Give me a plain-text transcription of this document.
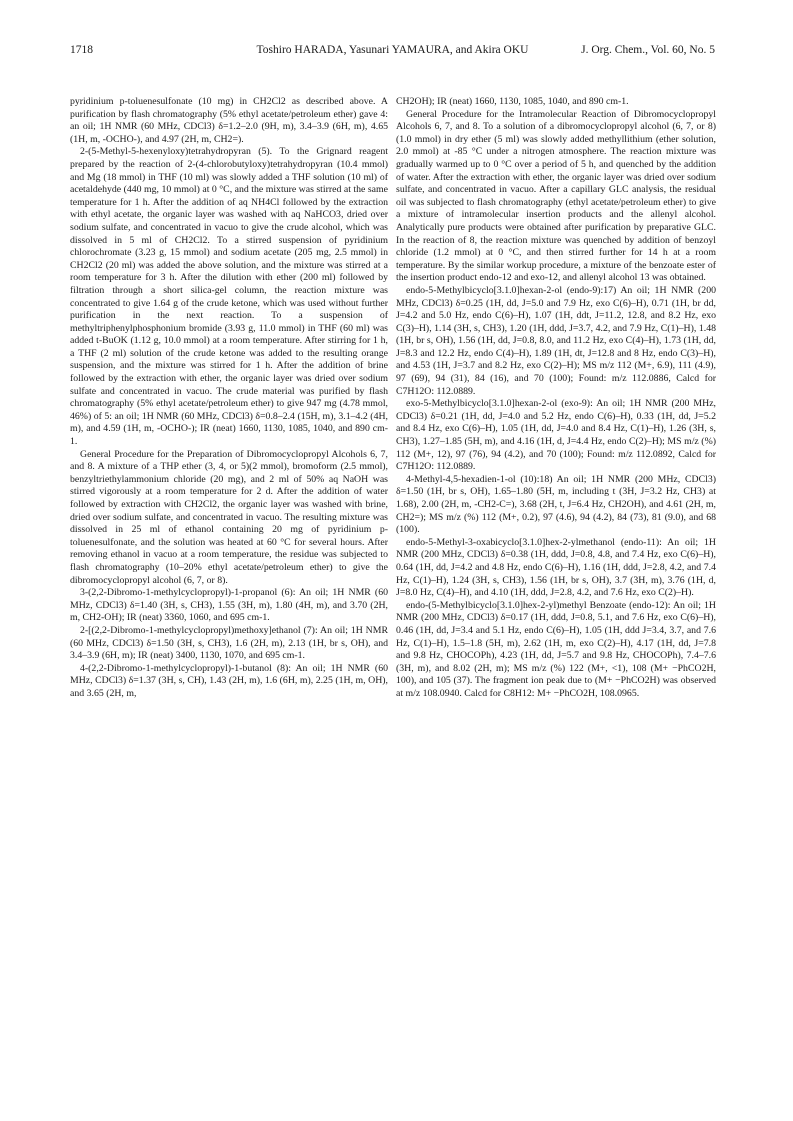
1718	Toshiro HARADA, Yasunari YAMAURA, and Akira OKU	J. Org. Chem., Vol. 60, No. 5

pyridinium p-toluenesulfonate (10 mg) in CH2Cl2 as described above. A purification by flash chromatography (5% ethyl acetate/petroleum ether) gave 4: an oil; 1H NMR (60 MHz, CDCl3) δ=1.2–2.0 (9H, m), 3.4–3.9 (6H, m), 4.65 (1H, m, -OCHO-), and 4.97 (2H, m, CH2=).

2-(5-Methyl-5-hexenyloxy)tetrahydropyran (5). To the Grignard reagent prepared by the reaction of 2-(4-chlorobutyloxy)tetrahydropyran (10.4 mmol) and Mg (18 mmol) in THF (10 ml) was slowly added a THF solution (10 ml) of acetaldehyde (440 mg, 10 mmol) at 0 °C, and the mixture was stirred at the same temperature for 1 h. After the addition of aq NH4Cl followed by the extraction with ethyl acetate, the organic layer was washed with aq NaHCO3, dried over sodium sulfate, and concentrated in vacuo to give the crude alcohol, which was dissolved in 5 ml of CH2Cl2. To a stirred suspension of pyridinium chlorochromate (3.23 g, 15 mmol) and sodium acetate (205 mg, 2.5 mmol) in CH2Cl2 (20 ml) was added the above solution, and the mixture was stirred at a room temperature for 3 h. After the dilution with ether (200 ml) followed by filtration through a short silica-gel column, the reaction mixture was concentrated to give 1.64 g of the crude ketone, which was used without further purification in the next reaction. To a suspension of methyltriphenylphosphonium bromide (3.93 g, 11.0 mmol) in THF (60 ml) was added t-BuOK (1.12 g, 10.0 mmol) at a room temperature. After stirring for 1 h, a THF (2 ml) solution of the crude ketone was added to the resulting orange suspension, and the mixture was stirred for 1 h. After the addition of brine followed by the extraction with ether, the organic layer was dried over sodium sulfate and concentrated in vacuo. The crude material was purified by flash chromatography (5% ethyl acetate/petroleum ether) to give 947 mg (4.78 mmol, 46%) of 5: an oil; 1H NMR (60 MHz, CDCl3) δ=0.8–2.4 (15H, m), 3.1–4.2 (4H, m), and 4.59 (1H, m, -OCHO-); IR (neat) 1660, 1130, 1085, 1040, and 890 cm-1.

General Procedure for the Preparation of Dibromocyclopropyl Alcohols 6, 7, and 8. A mixture of a THP ether (3, 4, or 5)(2 mmol), bromoform (2.5 mmol), benzyltriethylammonium chloride (20 mg), and 2 ml of 50% aq NaOH was stirred vigorously at a room temperature for 2 d. After the addition of water followed by extraction with CH2Cl2, the organic layer was washed with brine, dried over sodium sulfate, and concentrated in vacuo. The resulting mixture was dissolved in 25 ml of ethanol containing 20 mg of pyridinium p-toluenesulfonate, and the solution was heated at 60 °C for several hours. After removing ethanol in vacuo at a room temperature, the residue was subjected to flash chromatography (10–20% ethyl acetate/petroleum ether) to give the dibromocyclopropyl alcohol (6, 7, or 8).

3-(2,2-Dibromo-1-methylcyclopropyl)-1-propanol (6): An oil; 1H NMR (60 MHz, CDCl3) δ=1.40 (3H, s, CH3), 1.55 (3H, m), 1.80 (4H, m), and 3.70 (2H, m, CH2-OH); IR (neat) 3360, 1060, and 695 cm-1.

2-[(2,2-Dibromo-1-methylcyclopropyl)methoxy]ethanol (7): An oil; 1H NMR (60 MHz, CDCl3) δ=1.50 (3H, s, CH3), 1.6 (2H, m), 2.13 (1H, br s, OH), and 3.4–3.9 (6H, m); IR (neat) 3400, 1130, 1070, and 695 cm-1.

4-(2,2-Dibromo-1-methylcyclopropyl)-1-butanol (8): An oil; 1H NMR (60 MHz, CDCl3) δ=1.37 (3H, s, CH), 1.43 (2H, m), 1.6 (6H, m), 2.25 (1H, m, OH), and 3.65 (2H, m,

CH2OH); IR (neat) 1660, 1130, 1085, 1040, and 890 cm-1.

General Procedure for the Intramolecular Reaction of Dibromocyclopropyl Alcohols 6, 7, and 8. To a solution of a dibromocyclopropyl alcohol (6, 7, or 8)(1.0 mmol) in dry ether (5 ml) was slowly added methyllithium (ether solution, 2.0 mmol) at -85 °C under a nitrogen atmosphere. The reaction mixture was gradually warmed up to 0 °C over a period of 5 h, and quenched by the addition of water. After the extraction with ether, the organic layer was dried over sodium sulfate, and concentrated in vacuo. After a capillary GLC analysis, the residual oil was subjected to flash chromatography (ethyl acetate/petroleum ether) to give a mixture of intramolecular insertion products and the allenyl alcohol. Analytically pure products were obtained after purification by preparative GLC. In the reaction of 8, the reaction mixture was quenched by addition of benzoyl chloride (1.2 mmol) at 0 °C, and then stirred further for 14 h at a room temperature. By the similar workup procedure, a mixture of the benzoate ester of the insertion product endo-12 and exo-12, and allenyl alcohol 13 was obtained.

endo-5-Methylbicyclo[3.1.0]hexan-2-ol (endo-9):17) An oil; 1H NMR (200 MHz, CDCl3) δ=0.25 (1H, dd, J=5.0 and 7.9 Hz, exo C(6)–H), 0.71 (1H, br dd, J=4.2 and 5.0 Hz, endo C(6)–H), 1.07 (1H, ddt, J=11.2, 12.8, and 8.2 Hz, exo C(3)–H), 1.14 (3H, s, CH3), 1.20 (1H, ddd, J=3.7, 4.2, and 7.9 Hz, C(1)–H), 1.48 (1H, br s, OH), 1.56 (1H, dd, J=0.8, 8.0, and 11.2 Hz, exo C(4)–H), 1.73 (1H, dd, J=8.3 and 12.2 Hz, endo C(4)–H), 1.89 (1H, dt, J=12.8 and 8 Hz, endo C(3)–H), and 4.53 (1H, J=3.7 and 8.2 Hz, exo C(2)–H); MS m/z 112 (M+, 6.9), 111 (4.9), 97 (69), 94 (31), 84 (16), and 70 (100); Found: m/z 112.0886, Calcd for C7H12O: 112.0889.

exo-5-Methylbicyclo[3.1.0]hexan-2-ol (exo-9): An oil; 1H NMR (200 MHz, CDCl3) δ=0.21 (1H, dd, J=4.0 and 5.2 Hz, endo C(6)–H), 0.33 (1H, dd, J=5.2 and 8.4 Hz, exo C(6)–H), 1.05 (1H, dd, J=4.0 and 8.4 Hz, C(1)–H), 1.26 (3H, s, CH3), 1.27–1.85 (5H, m), and 4.16 (1H, d, J=4.4 Hz, endo C(2)–H); MS m/z (%) 112 (M+, 12), 97 (76), 94 (4.2), and 70 (100); Found: m/z 112.0892, Calcd for C7H12O: 112.0889.

4-Methyl-4,5-hexadien-1-ol (10):18) An oil; 1H NMR (200 MHz, CDCl3) δ=1.50 (1H, br s, OH), 1.65–1.80 (5H, m, including t (3H, J=3.2 Hz, CH3) at 1.68), 2.00 (2H, m, -CH2-C=), 3.68 (2H, t, J=6.4 Hz, CH2OH), and 4.61 (2H, m, CH2=); MS m/z (%) 112 (M+, 0.2), 97 (4.6), 94 (4.2), 84 (73), 81 (9.0), and 68 (100).

endo-5-Methyl-3-oxabicyclo[3.1.0]hex-2-ylmethanol (endo-11): An oil; 1H NMR (200 MHz, CDCl3) δ=0.38 (1H, ddd, J=0.8, 4.8, and 7.4 Hz, exo C(6)–H), 0.64 (1H, dd, J=4.2 and 4.8 Hz, endo C(6)–H), 1.16 (1H, ddd, J=2.8, 4.2, and 7.4 Hz, C(1)–H), 1.24 (3H, s, CH3), 1.56 (1H, br s, OH), 3.7 (3H, m), 3.76 (1H, d, J=8.0 Hz, C(4)–H), and 4.10 (1H, ddd, J=2.8, 4.2, and 7.6 Hz, exo C(2)–H).

endo-(5-Methylbicyclo[3.1.0]hex-2-yl)methyl Benzoate (endo-12): An oil; 1H NMR (200 MHz, CDCl3) δ=0.17 (1H, ddd, J=0.8, 5.1, and 7.6 Hz, exo C(6)–H), 0.46 (1H, dd, J=3.4 and 5.1 Hz, endo C(6)–H), 1.05 (1H, ddd J=3.4, 3.7, and 7.6 Hz, C(1)–H), 1.5–1.8 (5H, m), 2.62 (1H, m, exo C(2)–H), 4.17 (1H, dd, J=7.8 and 9.8 Hz, CHOCOPh), 4.23 (1H, dd, J=5.7 and 9.8 Hz, CHOCOPh), 7.4–7.6 (3H, m), and 8.02 (2H, m); MS m/z (%) 122 (M+, <1), 108 (M+ −PhCO2H, 100), and 105 (37). The fragment ion peak due to (M+ −PhCO2H) was observed at m/z 108.0940. Calcd for C8H12: M+ −PhCO2H, 108.0965.
